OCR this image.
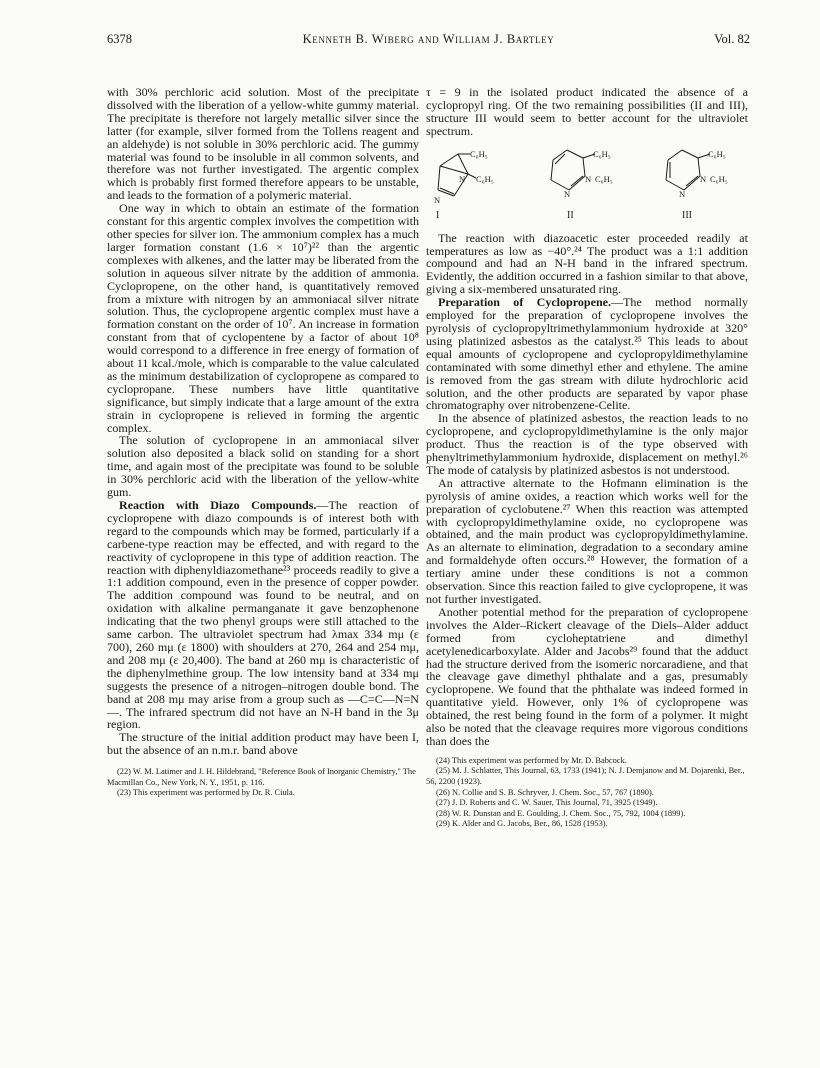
6378	Kenneth B. Wiberg and William J. Bartley	Vol. 82

with 30% perchloric acid solution. Most of the precipitate dissolved with the liberation of a yellow-white gummy material. The precipitate is therefore not largely metallic silver since the latter (for example, silver formed from the Tollens reagent and an aldehyde) is not soluble in 30% perchloric acid. The gummy material was found to be insoluble in all common solvents, and therefore was not further investigated. The argentic complex which is probably first formed therefore appears to be unstable, and leads to the formation of a polymeric material.

One way in which to obtain an estimate of the formation constant for this argentic complex involves the competition with other species for silver ion. The ammonium complex has a much larger formation constant (1.6 × 10⁷)²² than the argentic complexes with alkenes, and the latter may be liberated from the solution in aqueous silver nitrate by the addition of ammonia. Cyclopropene, on the other hand, is quantitatively removed from a mixture with nitrogen by an ammoniacal silver nitrate solution. Thus, the cyclopropene argentic complex must have a formation constant on the order of 10⁷. An increase in formation constant from that of cyclopentene by a factor of about 10⁸ would correspond to a difference in free energy of formation of about 11 kcal./mole, which is comparable to the value calculated as the minimum destabilization of cyclopropene as compared to cyclopropane. These numbers have little quantitative significance, but simply indicate that a large amount of the extra strain in cyclopropene is relieved in forming the argentic complex.

The solution of cyclopropene in an ammoniacal silver solution also deposited a black solid on standing for a short time, and again most of the precipitate was found to be soluble in 30% perchloric acid with the liberation of the yellow-white gum.

Reaction with Diazo Compounds.—The reaction of cyclopropene with diazo compounds is of interest both with regard to the compounds which may be formed, particularly if a carbene-type reaction may be effected, and with regard to the reactivity of cyclopropene in this type of addition reaction. The reaction with diphenyldiazomethane²³ proceeds readily to give a 1:1 addition compound, even in the presence of copper powder. The addition compound was found to be neutral, and on oxidation with alkaline permanganate it gave benzophenone indicating that the two phenyl groups were still attached to the same carbon. The ultraviolet spectrum had λmax 334 mμ (ε 700), 260 mμ (ε 1800) with shoulders at 270, 264 and 254 mμ, and 208 mμ (ε 20,400). The band at 260 mμ is characteristic of the diphenylmethine group. The low intensity band at 334 mμ suggests the presence of a nitrogen–nitrogen double bond. The band at 208 mμ may arise from a group such as —C=C—N=N—. The infrared spectrum did not have an N-H band in the 3μ region.

The structure of the initial addition product may have been I, but the absence of an n.m.r. band above

(22) W. M. Latimer and J. H. Hildebrand, "Reference Book of Inorganic Chemistry," The Macmillan Co., New York, N. Y., 1951, p. 116.

(23) This experiment was performed by Dr. R. Ciula.

τ = 9 in the isolated product indicated the absence of a cyclopropyl ring. Of the two remaining possibilities (II and III), structure III would seem to better account for the ultraviolet spectrum.

C₆H₅
C₆H₅
N
N
I
C₆H₅
C₆H₅
N
N
II
C₆H₅
C₆H₅
N
N
III

The reaction with diazoacetic ester proceeded readily at temperatures as low as −40°.²⁴ The product was a 1:1 addition compound and had an N-H band in the infrared spectrum. Evidently, the addition occurred in a fashion similar to that above, giving a six-membered unsaturated ring.

Preparation of Cyclopropene.—The method normally employed for the preparation of cyclopropene involves the pyrolysis of cyclopropyltrimethylammonium hydroxide at 320° using platinized asbestos as the catalyst.²⁵ This leads to about equal amounts of cyclopropene and cyclopropyldimethylamine contaminated with some dimethyl ether and ethylene. The amine is removed from the gas stream with dilute hydrochloric acid solution, and the other products are separated by vapor phase chromatography over nitrobenzene-Celite.

In the absence of platinized asbestos, the reaction leads to no cyclopropene, and cyclopropyldimethylamine is the only major product. Thus the reaction is of the type observed with phenyltrimethylammonium hydroxide, displacement on methyl.²⁶ The mode of catalysis by platinized asbestos is not understood.

An attractive alternate to the Hofmann elimination is the pyrolysis of amine oxides, a reaction which works well for the preparation of cyclobutene.²⁷ When this reaction was attempted with cyclopropyldimethylamine oxide, no cyclopropene was obtained, and the main product was cyclopropyldimethylamine. As an alternate to elimination, degradation to a secondary amine and formaldehyde often occurs.²⁸ However, the formation of a tertiary amine under these conditions is not a common observation. Since this reaction failed to give cyclopropene, it was not further investigated.

Another potential method for the preparation of cyclopropene involves the Alder–Rickert cleavage of the Diels–Alder adduct formed from cycloheptatriene and dimethyl acetylenedicarboxylate. Alder and Jacobs²⁹ found that the adduct had the structure derived from the isomeric norcaradiene, and that the cleavage gave dimethyl phthalate and a gas, presumably cyclopropene. We found that the phthalate was indeed formed in quantitative yield. However, only 1% of cyclopropene was obtained, the rest being found in the form of a polymer. It might also be noted that the cleavage requires more vigorous conditions than does the

(24) This experiment was performed by Mr. D. Babcock.

(25) M. J. Schlatter, This Journal, 63, 1733 (1941); N. J. Demjanow and M. Dojarenki, Ber., 56, 2200 (1923).

(26) N. Collie and S. B. Schryver, J. Chem. Soc., 57, 767 (1890).

(27) J. D. Roberts and C. W. Sauer, This Journal, 71, 3925 (1949).

(28) W. R. Dunstan and E. Goulding, J. Chem. Soc., 75, 792, 1004 (1899).

(29) K. Alder and G. Jacobs, Ber., 86, 1528 (1953).
